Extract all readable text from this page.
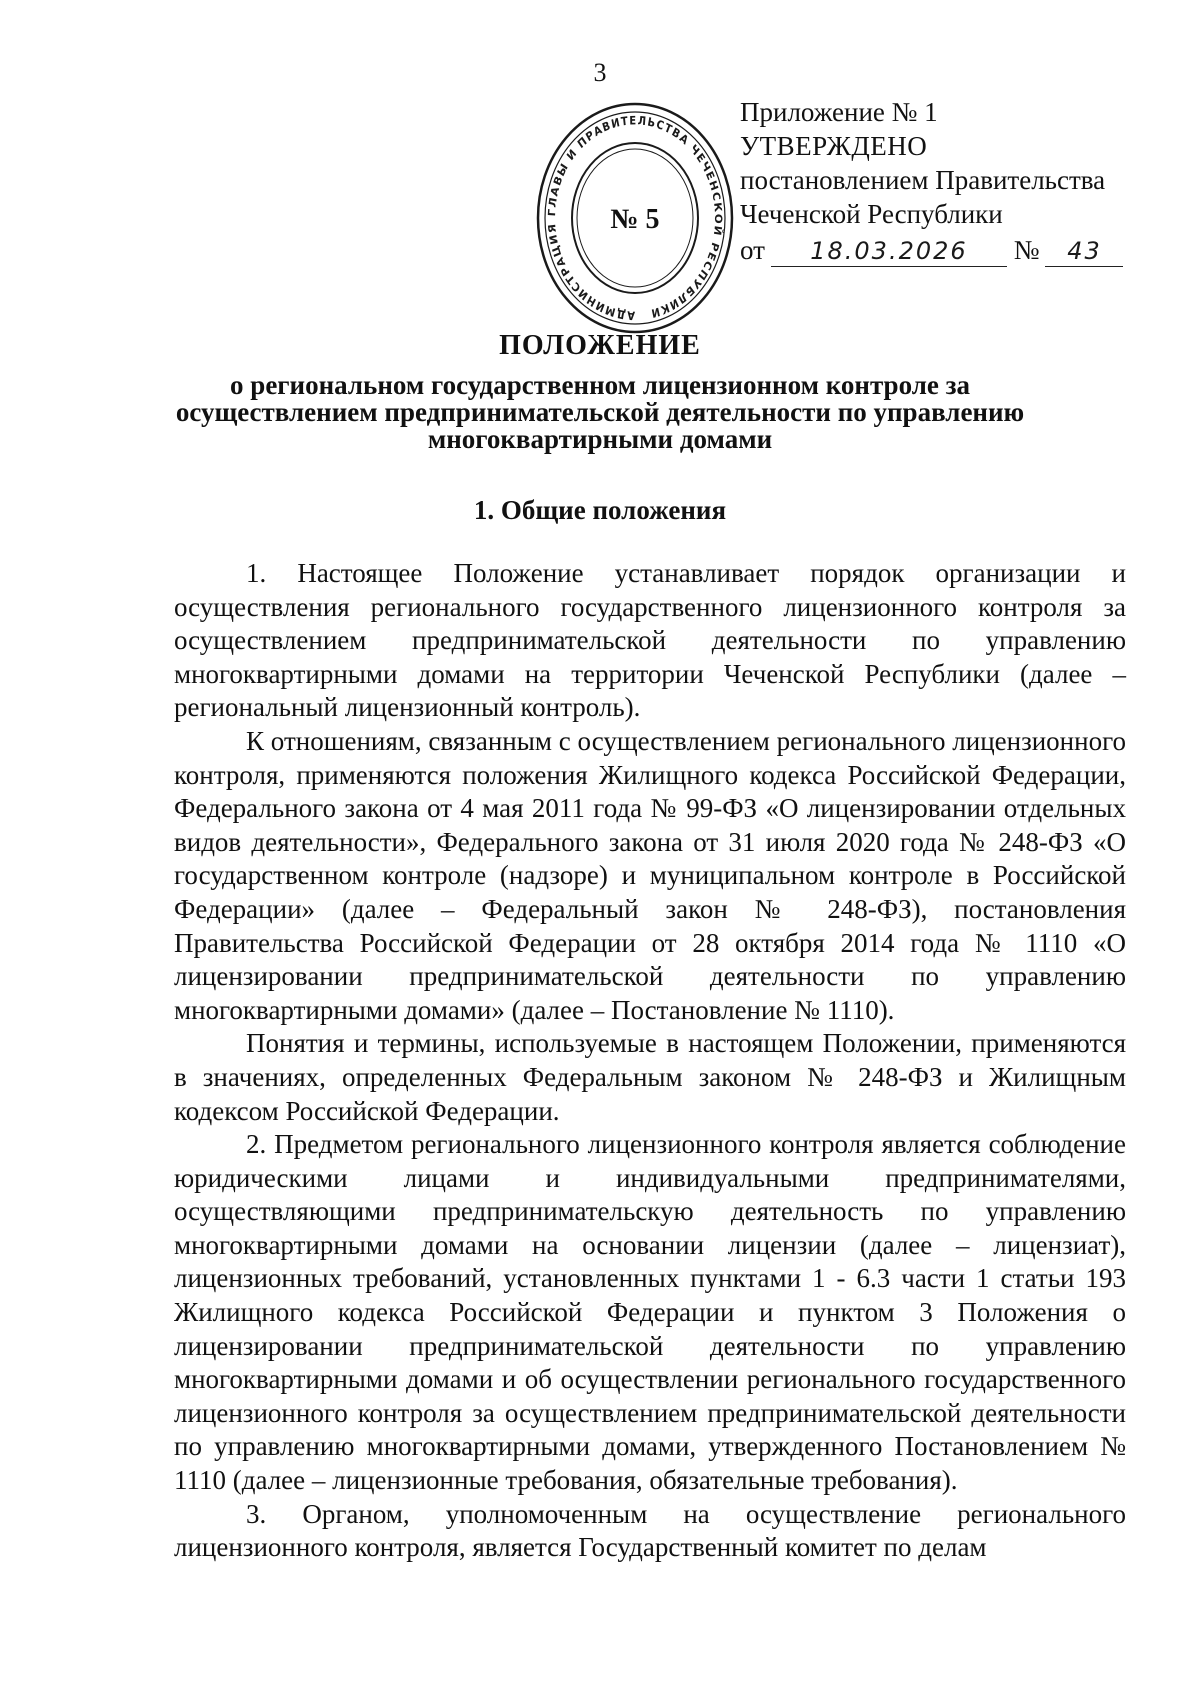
3
Приложение № 1
УТВЕРЖДЕНО
постановлением Правительства
Чеченской Республики
от 18.03.2026 № 43
АДМИНИСТРАЦИЯ ГЛАВЫ И ПРАВИТЕЛЬСТВА ЧЕЧЕНСКОЙ РЕСПУБЛИКИ
№ 5
ПОЛОЖЕНИЕ
о региональном государственном лицензионном контроле за осуществлением предпринимательской деятельности по управлению многоквартирными домами
1. Общие положения

1. Настоящее Положение устанавливает порядок организации и осуществления регионального государственного лицензионного контроля за осуществлением предпринимательской деятельности по управлению многоквартирными домами на территории Чеченской Республики (далее – региональный лицензионный контроль).

К отношениям, связанным с осуществлением регионального лицензионного контроля, применяются положения Жилищного кодекса Российской Федерации, Федерального закона от 4 мая 2011 года № 99-ФЗ «О лицензировании отдельных видов деятельности», Федерального закона от 31 июля 2020 года № 248-ФЗ «О государственном контроле (надзоре) и муниципальном контроле в Российской Федерации» (далее – Федеральный закон № 248-ФЗ), постановления Правительства Российской Федерации от 28 октября 2014 года № 1110 «О лицензировании предпринимательской деятельности по управлению многоквартирными домами» (далее – Постановление № 1110).

Понятия и термины, используемые в настоящем Положении, применяются в значениях, определенных Федеральным законом № 248-ФЗ и Жилищным кодексом Российской Федерации.

2. Предметом регионального лицензионного контроля является соблюдение юридическими лицами и индивидуальными предпринимателями, осуществляющими предпринимательскую деятельность по управлению многоквартирными домами на основании лицензии (далее – лицензиат), лицензионных требований, установленных пунктами 1 - 6.3 части 1 статьи 193 Жилищного кодекса Российской Федерации и пунктом 3 Положения о лицензировании предпринимательской деятельности по управлению многоквартирными домами и об осуществлении регионального государственного лицензионного контроля за осуществлением предпринимательской деятельности по управлению многоквартирными домами, утвержденного Постановлением № 1110 (далее – лицензионные требования, обязательные требования).

3. Органом, уполномоченным на осуществление регионального лицензионного контроля, является Государственный комитет по делам
